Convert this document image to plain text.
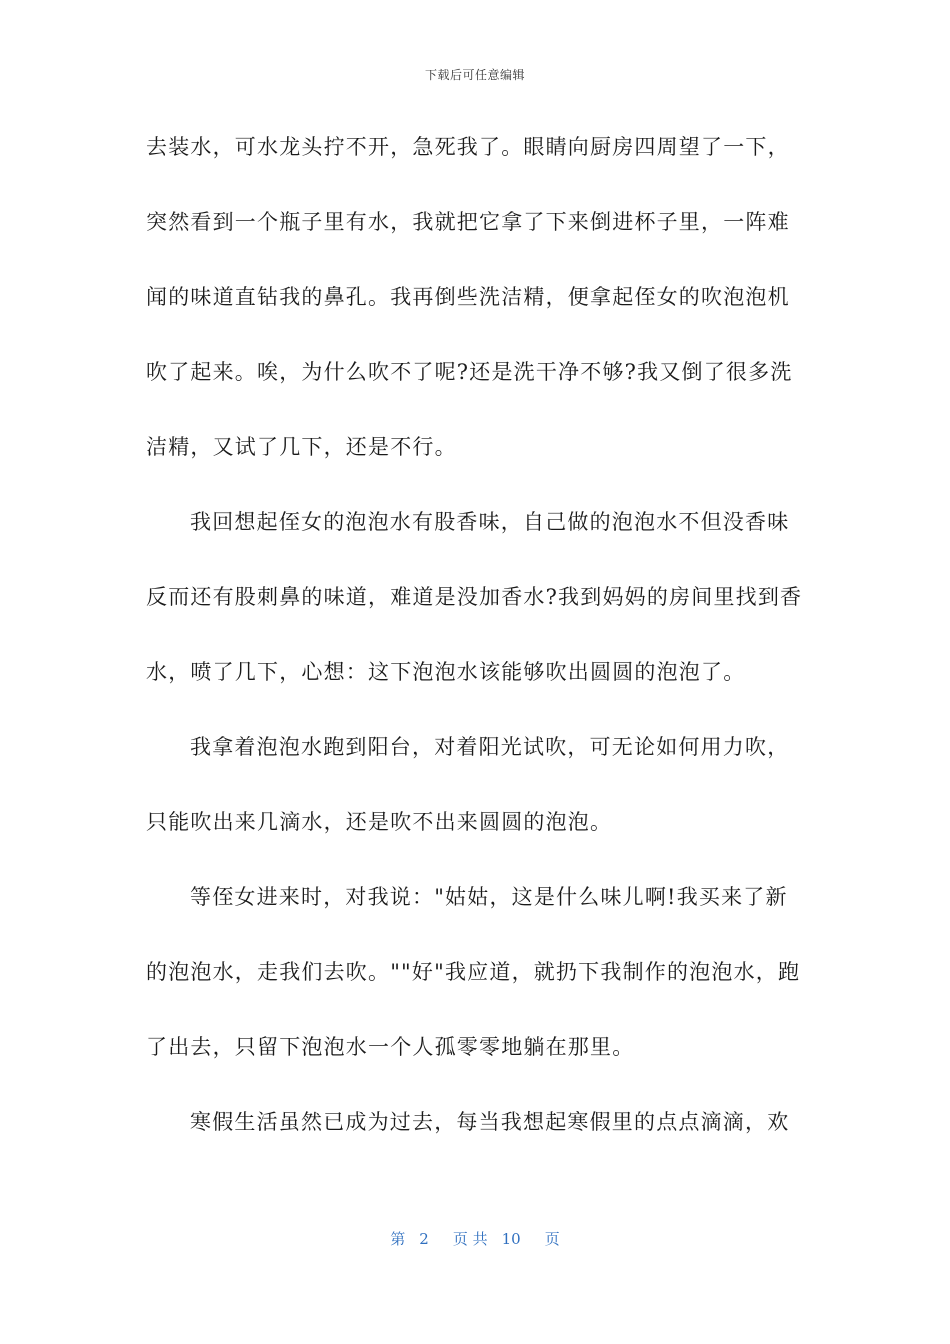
下载后可任意编辑
去装水，可水龙头拧不开，急死我了。眼睛向厨房四周望了一下，
突然看到一个瓶子里有水，我就把它拿了下来倒进杯子里，一阵难
闻的味道直钻我的鼻孔。我再倒些洗洁精，便拿起侄女的吹泡泡机
吹了起来。唉，为什么吹不了呢?还是洗干净不够?我又倒了很多洗
洁精，又试了几下，还是不行。
我回想起侄女的泡泡水有股香味，自己做的泡泡水不但没香味
反而还有股刺鼻的味道，难道是没加香水?我到妈妈的房间里找到香
水，喷了几下，心想：这下泡泡水该能够吹出圆圆的泡泡了。
我拿着泡泡水跑到阳台，对着阳光试吹，可无论如何用力吹，
只能吹出来几滴水，还是吹不出来圆圆的泡泡。
等侄女进来时，对我说："姑姑，这是什么味儿啊!我买来了新
的泡泡水，走我们去吹。""好"我应道，就扔下我制作的泡泡水，跑
了出去，只留下泡泡水一个人孤零零地躺在那里。
寒假生活虽然已成为过去，每当我想起寒假里的点点滴滴，欢
第 2 页 共 10 页
